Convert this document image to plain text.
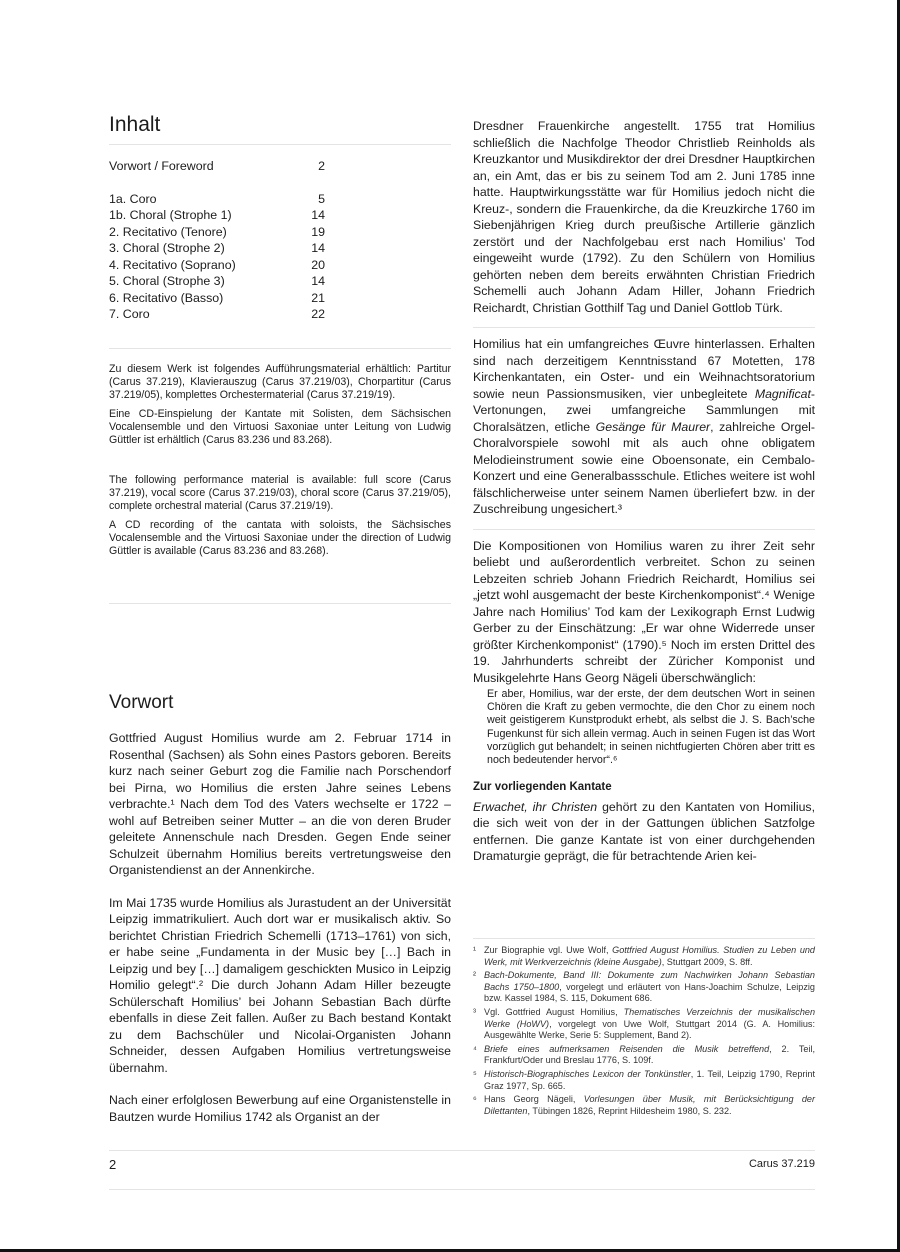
Inhalt
Vorwort / Foreword	2
1a. Coro	5
1b. Choral (Strophe 1)	14
2. Recitativo (Tenore)	19
3. Choral (Strophe 2)	14
4. Recitativo (Soprano)	20
5. Choral (Strophe 3)	14
6. Recitativo (Basso)	21
7. Coro	22

Zu diesem Werk ist folgendes Aufführungsmaterial erhältlich: Partitur (Carus 37.219), Klavierauszug (Carus 37.219/03), Chorpartitur (Carus 37.219/05), komplettes Orchestermaterial (Carus 37.219/19).

Eine CD-Einspielung der Kantate mit Solisten, dem Sächsischen Vocalensemble und den Virtuosi Saxoniae unter Leitung von Ludwig Güttler ist erhältlich (Carus 83.236 und 83.268).

The following performance material is available: full score (Carus 37.219), vocal score (Carus 37.219/03), choral score (Carus 37.219/05), complete orchestral material (Carus 37.219/19).

A CD recording of the cantata with soloists, the Sächsisches Vocalensemble and the Virtuosi Saxoniae under the direction of Ludwig Güttler is available (Carus 83.236 and 83.268).

Vorwort

Gottfried August Homilius wurde am 2. Februar 1714 in Rosenthal (Sachsen) als Sohn eines Pastors geboren. Bereits kurz nach seiner Geburt zog die Familie nach Porschendorf bei Pirna, wo Homilius die ersten Jahre seines Lebens verbrachte.¹ Nach dem Tod des Vaters wechselte er 1722 – wohl auf Betreiben seiner Mutter – an die von deren Bruder geleitete Annenschule nach Dresden. Gegen Ende seiner Schulzeit übernahm Homilius bereits vertretungsweise den Organistendienst an der Annenkirche.

Im Mai 1735 wurde Homilius als Jurastudent an der Universität Leipzig immatrikuliert. Auch dort war er musikalisch aktiv. So berichtet Christian Friedrich Schemelli (1713–1761) von sich, er habe seine „Fundamenta in der Music bey […] Bach in Leipzig und bey […] damaligem geschickten Musico in Leipzig Homilio gelegt“.² Die durch Johann Adam Hiller bezeugte Schülerschaft Homilius’ bei Johann Sebastian Bach dürfte ebenfalls in diese Zeit fallen. Außer zu Bach bestand Kontakt zu dem Bachschüler und Nicolai-Organisten Johann Schneider, dessen Aufgaben Homilius vertretungsweise übernahm.

Nach einer erfolglosen Bewerbung auf eine Organistenstelle in Bautzen wurde Homilius 1742 als Organist an der

Dresdner Frauenkirche angestellt. 1755 trat Homilius schließlich die Nachfolge Theodor Christlieb Reinholds als Kreuzkantor und Musikdirektor der drei Dresdner Hauptkirchen an, ein Amt, das er bis zu seinem Tod am 2. Juni 1785 inne hatte. Hauptwirkungsstätte war für Homilius jedoch nicht die Kreuz-, sondern die Frauenkirche, da die Kreuzkirche 1760 im Siebenjährigen Krieg durch preußische Artillerie gänzlich zerstört und der Nachfolgebau erst nach Homilius’ Tod eingeweiht wurde (1792). Zu den Schülern von Homilius gehörten neben dem bereits erwähnten Christian Friedrich Schemelli auch Johann Adam Hiller, Johann Friedrich Reichardt, Christian Gotthilf Tag und Daniel Gottlob Türk.

Homilius hat ein umfangreiches Œuvre hinterlassen. Erhalten sind nach derzeitigem Kenntnisstand 67 Motetten, 178 Kirchenkantaten, ein Oster- und ein Weihnachtsoratorium sowie neun Passionsmusiken, vier unbegleitete Magnificat-Vertonungen, zwei umfangreiche Sammlungen mit Choralsätzen, etliche Gesänge für Maurer, zahlreiche Orgel-Choralvorspiele sowohl mit als auch ohne obligatem Melodieinstrument sowie eine Oboensonate, ein Cembalo-Konzert und eine Generalbassschule. Etliches weitere ist wohl fälschlicherweise unter seinem Namen überliefert bzw. in der Zuschreibung ungesichert.³

Die Kompositionen von Homilius waren zu ihrer Zeit sehr beliebt und außerordentlich verbreitet. Schon zu seinen Lebzeiten schrieb Johann Friedrich Reichardt, Homilius sei „jetzt wohl ausgemacht der beste Kirchenkomponist“.⁴ Wenige Jahre nach Homilius’ Tod kam der Lexikograph Ernst Ludwig Gerber zu der Einschätzung: „Er war ohne Widerrede unser größter Kirchenkomponist“ (1790).⁵ Noch im ersten Drittel des 19. Jahrhunderts schreibt der Züricher Komponist und Musikgelehrte Hans Georg Nägeli überschwänglich:

Er aber, Homilius, war der erste, der dem deutschen Wort in seinen Chören die Kraft zu geben vermochte, die den Chor zu einem noch weit geistigerem Kunstprodukt erhebt, als selbst die J. S. Bach’sche Fugenkunst für sich allein vermag. Auch in seinen Fugen ist das Wort vorzüglich gut behandelt; in seinen nichtfugierten Chören aber tritt es noch bedeutender hervor“.⁶
Zur vorliegenden Kantate

Erwachet, ihr Christen gehört zu den Kantaten von Homilius, die sich weit von der in der Gattungen üblichen Satzfolge entfernen. Die ganze Kantate ist von einer durchgehenden Dramaturgie geprägt, die für betrachtende Arien kei-

¹ Zur Biographie vgl. Uwe Wolf, Gottfried August Homilius. Studien zu Leben und Werk, mit Werkverzeichnis (kleine Ausgabe), Stuttgart 2009, S. 8ff.
² Bach-Dokumente, Band III: Dokumente zum Nachwirken Johann Sebastian Bachs 1750–1800, vorgelegt und erläutert von Hans-Joachim Schulze, Leipzig bzw. Kassel 1984, S. 115, Dokument 686.
³ Vgl. Gottfried August Homilius, Thematisches Verzeichnis der musikalischen Werke (HoWV), vorgelegt von Uwe Wolf, Stuttgart 2014 (G. A. Homilius: Ausgewählte Werke, Serie 5: Supplement, Band 2).
⁴ Briefe eines aufmerksamen Reisenden die Musik betreffend, 2. Teil, Frankfurt/Oder und Breslau 1776, S. 109f.
⁵ Historisch-Biographisches Lexicon der Tonkünstler, 1. Teil, Leipzig 1790, Reprint Graz 1977, Sp. 665.
⁶ Hans Georg Nägeli, Vorlesungen über Musik, mit Berücksichtigung der Dilettanten, Tübingen 1826, Reprint Hildesheim 1980, S. 232.
2	Carus 37.219
